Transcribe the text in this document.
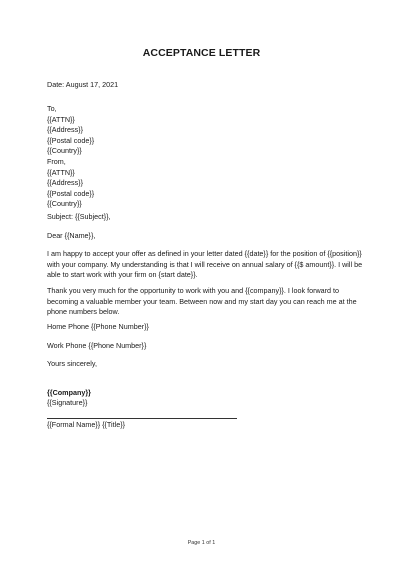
ACCEPTANCE LETTER
Date: August 17, 2021
To,
{{ATTN}}
{{Address}}
{{Postal code}}
{{Country}}
From,
{{ATTN}}
{{Address}}
{{Postal code}}
{{Country}}
Subject: {{Subject}},
Dear {{Name}},
I am happy to accept your offer as defined in your letter dated {{date}} for the position of {{position}} with your company. My understanding is that I will receive on annual salary of {{$ amount}}. I will be able to start work with your firm on {start date}}.
Thank you very much for the opportunity to work with you and {{company}}. I look forward to becoming a valuable member your team. Between now and my start day you can reach me at the phone numbers below.
Home Phone {{Phone Number}}
Work Phone {{Phone Number}}
Yours sincerely,
{{Company}}
{{Signature}}
{{Formal Name}} {{Title}}
Page 1 of 1
